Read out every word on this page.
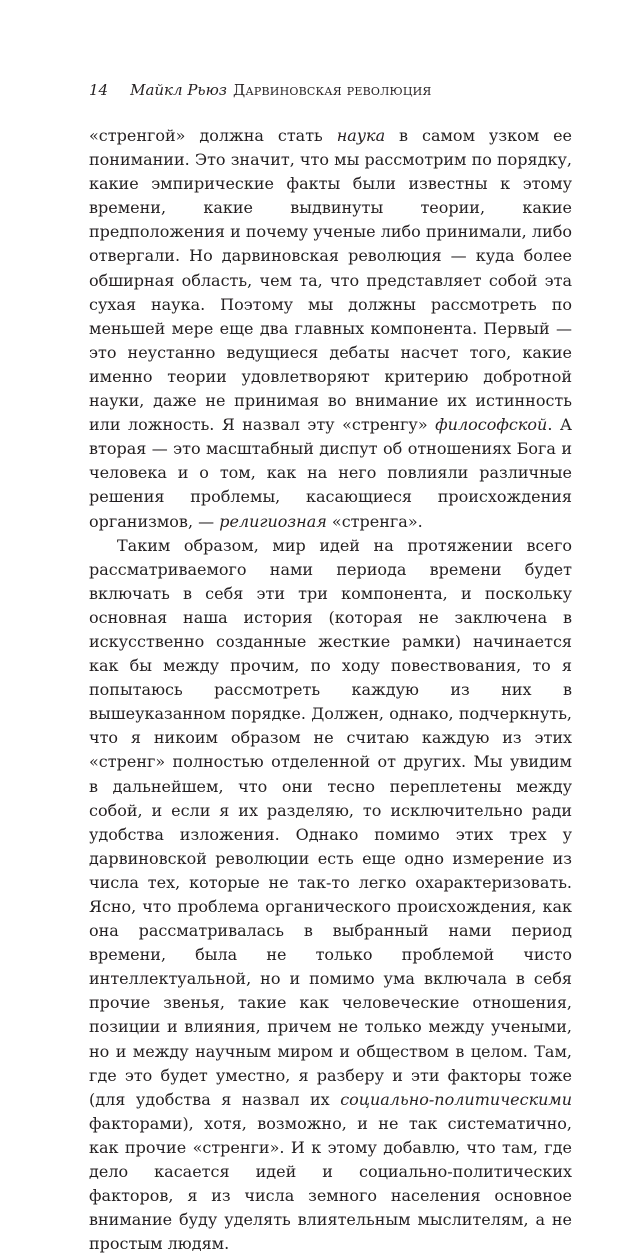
14 Майкл Рьюз Дарвиновская революция

«стренгой» должна стать наука в самом узком ее понимании. Это значит, что мы рассмотрим по порядку, какие эмпирические факты были известны к этому времени, какие выдвинуты теории, какие предположения и почему ученые либо принимали, либо отвергали. Но дарвиновская революция — куда более обширная область, чем та, что представляет собой эта сухая наука. Поэтому мы должны рассмотреть по меньшей мере еще два главных компонента. Первый — это неустанно ведущиеся дебаты насчет того, какие именно теории удовлетворяют критерию добротной науки, даже не принимая во внимание их истинность или ложность. Я назвал эту «стренгу» философской. А вторая — это масштабный диспут об отношениях Бога и человека и о том, как на него повлияли различные решения проблемы, касающиеся происхождения организмов, — религиозная «стренга».

Таким образом, мир идей на протяжении всего рассматриваемого нами периода времени будет включать в себя эти три компонента, и поскольку основная наша история (которая не заключена в искусственно созданные жесткие рамки) начинается как бы между прочим, по ходу повествования, то я попытаюсь рассмотреть каждую из них в вышеуказанном порядке. Должен, однако, подчеркнуть, что я никоим образом не считаю каждую из этих «стренг» полностью отделенной от других. Мы увидим в дальнейшем, что они тесно переплетены между собой, и если я их разделяю, то исключительно ради удобства изложения. Однако помимо этих трех у дарвиновской революции есть еще одно измерение из числа тех, которые не так-то легко охарактеризовать. Ясно, что проблема органического происхождения, как она рассматривалась в выбранный нами период времени, была не только проблемой чисто интеллектуальной, но и помимо ума включала в себя прочие звенья, такие как человеческие отношения, позиции и влияния, причем не только между учеными, но и между научным миром и обществом в целом. Там, где это будет уместно, я разберу и эти факторы тоже (для удобства я назвал их социально-политическими факторами), хотя, возможно, и не так систематично, как прочие «стренги». И к этому добавлю, что там, где дело касается идей и социально-политических факторов, я из числа земного населения основное внимание буду уделять влиятельным мыслителям, а не простым людям.
